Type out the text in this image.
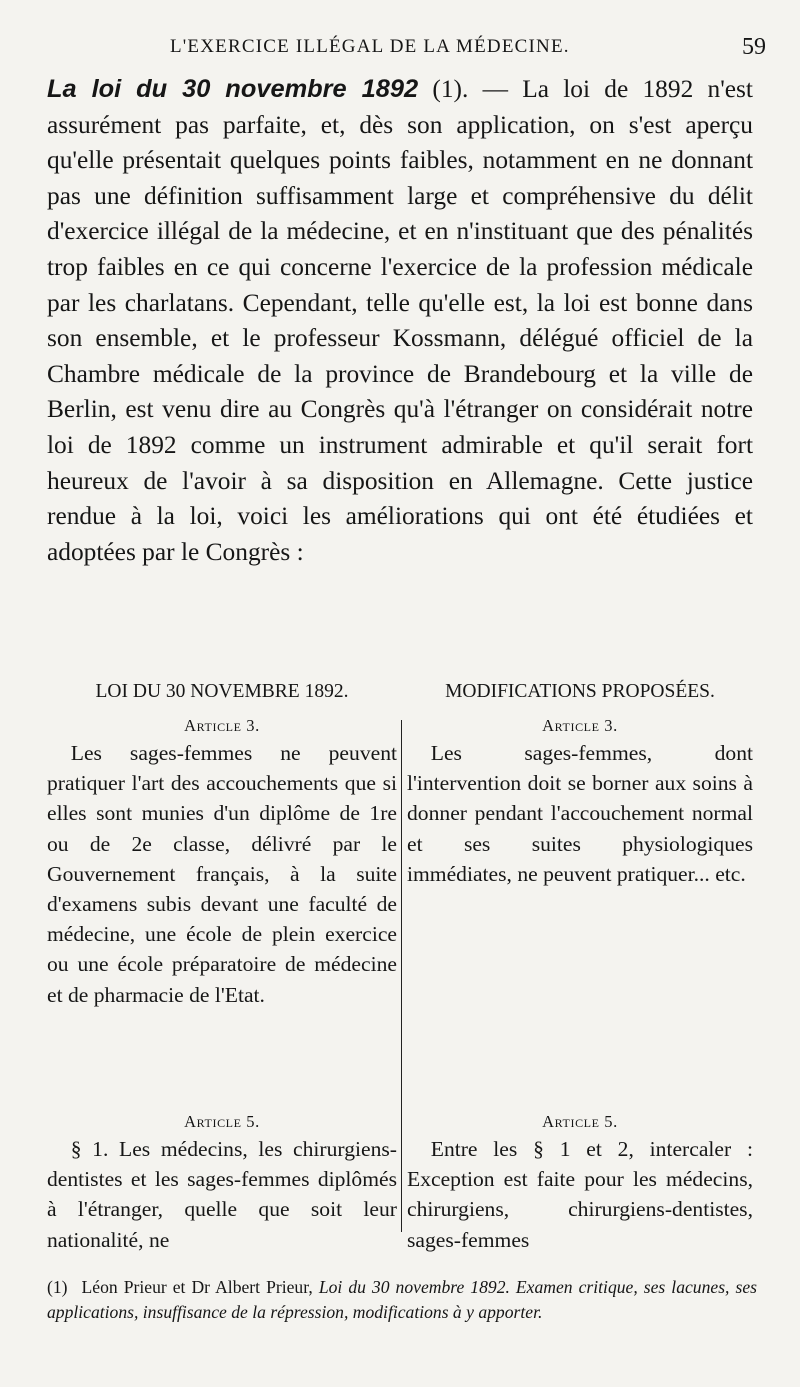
L'EXERCICE ILLÉGAL DE LA MÉDECINE.	59

La loi du 30 novembre 1892 (1). — La loi de 1892 n'est assurément pas parfaite, et, dès son application, on s'est aperçu qu'elle présentait quelques points faibles, notamment en ne donnant pas une définition suffisamment large et compréhensive du délit d'exercice illégal de la médecine, et en n'instituant que des pénalités trop faibles en ce qui concerne l'exercice de la profession médicale par les charlatans. Cependant, telle qu'elle est, la loi est bonne dans son ensemble, et le professeur Kossmann, délégué officiel de la Chambre médicale de la province de Brandebourg et la ville de Berlin, est venu dire au Congrès qu'à l'étranger on considérait notre loi de 1892 comme un instrument admirable et qu'il serait fort heureux de l'avoir à sa disposition en Allemagne. Cette justice rendue à la loi, voici les améliorations qui ont été étudiées et adoptées par le Congrès :

LOI DU 30 NOVEMBRE 1892.
Article 3.

Les sages-femmes ne peuvent pratiquer l'art des accouchements que si elles sont munies d'un diplôme de 1re ou de 2e classe, délivré par le Gouvernement français, à la suite d'examens subis devant une faculté de médecine, une école de plein exercice ou une école préparatoire de médecine et de pharmacie de l'Etat.

Article 5.

§ 1. Les médecins, les chirurgiens-dentistes et les sages-femmes diplômés à l'étranger, quelle que soit leur nationalité, ne

MODIFICATIONS PROPOSÉES.
Article 3.

Les sages-femmes, dont l'intervention doit se borner aux soins à donner pendant l'accouchement normal et ses suites physiologiques immédiates, ne peuvent pratiquer... etc.

Article 5.

Entre les § 1 et 2, intercaler : Exception est faite pour les médecins, chirurgiens, chirurgiens-dentistes, sages-femmes

(1) Léon Prieur et Dr Albert Prieur, Loi du 30 novembre 1892. Examen critique, ses lacunes, ses applications, insuffisance de la répression, modifications à y apporter.
